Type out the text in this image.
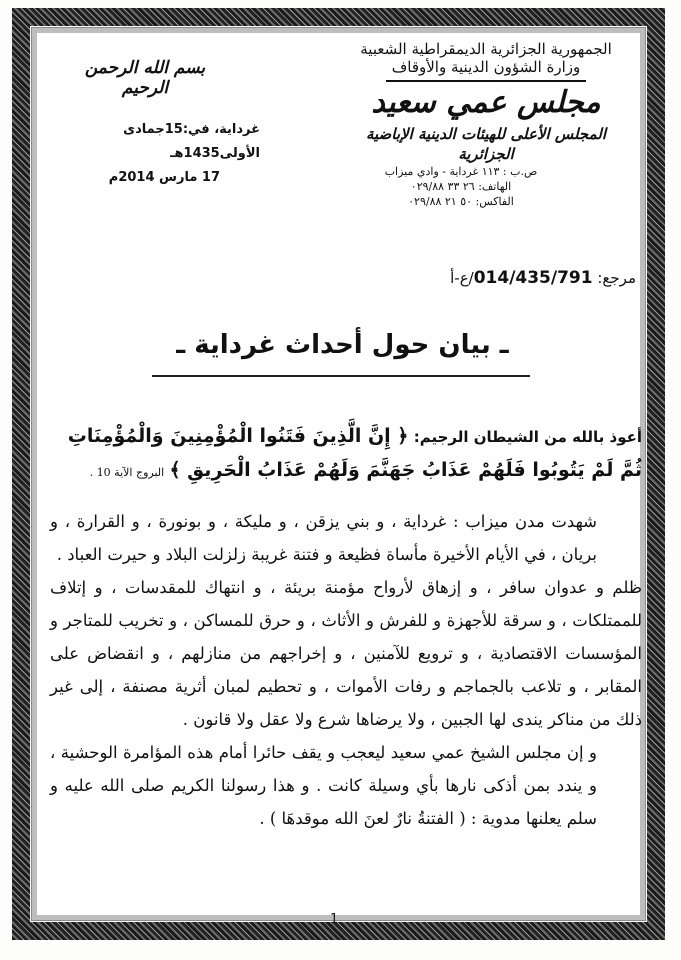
الجمهورية الجزائرية الديمقراطية الشعبية
وزارة الشؤون الدينية والأوقاف
مجلس عمي سعيد
المجلس الأعلى للهيئات الدينية الإباضية الجزائرية
ص.ب : ١١٣ غرداية - وادي ميزاب
الهاتف: ٢٦ ٣٣ ٠٢٩/٨٨
الفاكس: ٥٠ ٢١ ٠٢٩/٨٨
بسم الله الرحمن الرحيم
غرداية، في:15جمادى الأولى1435هـ
17 مارس 2014م
مرجع: 014/435/791/ع-أ
ـ بيان حول أحداث غرداية ـ

أعوذ بالله من الشيطان الرجيم: ﴿ إِنَّ الَّذِينَ فَتَنُوا الْمُؤْمِنِينَ وَالْمُؤْمِنَاتِ ثُمَّ لَمْ يَتُوبُوا فَلَهُمْ عَذَابُ جَهَنَّمَ وَلَهُمْ عَذَابُ الْحَرِيقِ ﴾ البروج الآية 10 .

شهدت مدن ميزاب : غرداية ، و بني يزقن ، و مليكة ، و بونورة ، و القرارة ، و بريان ، في الأيام الأخيرة مأساة فظيعة و فتنة غريبة زلزلت البلاد و حيرت العباد .

ظلم و عدوان سافر ، و إزهاق لأرواح مؤمنة بريئة ، و انتهاك للمقدسات ، و إتلاف للممتلكات ، و سرقة للأجهزة و للفرش و الأثاث ، و حرق للمساكن ، و تخريب للمتاجر و المؤسسات الاقتصادية ، و ترويع للآمنين ، و إخراجهم من منازلهم ، و انقضاض على المقابر ، و تلاعب بالجماجم و رفات الأموات ، و تحطيم لمبان أثرية مصنفة ، إلى غير ذلك من مناكر يندى لها الجبين ، ولا يرضاها شرع ولا عقل ولا قانون .

و إن مجلس الشيخ عمي سعيد ليعجب و يقف حائرا أمام هذه المؤامرة الوحشية ، و يندد بمن أذكى نارها بأي وسيلة كانت . و هذا رسولنا الكريم صلى الله عليه و سلم يعلنها مدوية : ( الفتنةُ نارٌ لعنَ الله موقدهَا ) .

1
